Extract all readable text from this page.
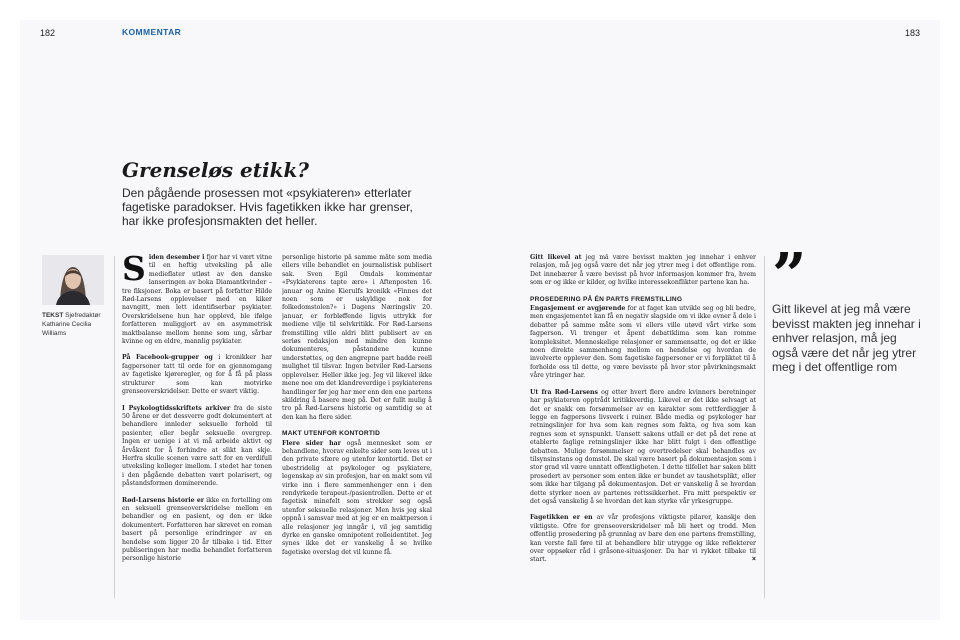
182	183
KOMMENTAR
Grenseløs etikk?

Den pågående prosessen mot «psykiateren» etterlater fagetiske paradokser. Hvis fagetikken ikke har grenser, har ikke profesjonsmakten det heller.

TEKST Sjefredaktør
Katharine Cecilia Williams

Siden desember i fjor har vi vært vitne til en heftig utveksling på alle medieflater utløst av den danske lanseringen av boka Diamantkvinder – tre fiksjoner. Boka er basert på forfatter Hilde Rød-Larsens opplevelser med en kiker navngitt, men lett identifiserbar psykiater. Overskridelsene hun har opplevd, ble ifølge forfatteren muliggjort av en asymmetrisk maktbalanse mellom henne som ung, sårbar kvinne og en eldre, mannlig psykiater.

På Facebook-grupper og i kronikker har fagpersoner tatt til orde for en gjennomgang av fagetiske kjøreregler, og for å få på plass strukturer som kan motvirke grenseoverskridelser. Dette er svært viktig.

I Psykologtidsskriftets arkiver fra de siste 50 årene er det dessverre godt dokumentert at behandlere innleder seksuelle forhold til pasienter, eller begår seksuelle overgrep. Ingen er uenige i at vi må arbeide aktivt og årvåkent for å forhindre at slikt kan skje. Herfra skulle scenen være satt for en verdifull utveksling kolleger imellom. I stedet har tonen i den pågående debatten vært polarisert, og påstandsformen dominerende.

Rød-Larsens historie er ikke en fortelling om en seksuell grenseoverskridelse mellom en behandler og en pasient, og den er ikke dokumentert. Forfatteren har skrevet en roman basert på personlige erindringer av en hendelse som ligger 20 år tilbake i tid. Etter publiseringen har media behandlet forfatteren personlige historie

personlige historie på samme måte som media ellers ville behandlet en journalistisk publisert sak. Sven Egil Omdals kommentar «Psykiaterens tapte ære» i Aftenposten 16. januar og Anine Kierulfs kronikk «Finnes det noen som er uskyldige nok for folkedomstolen?» i Dagens Næringsliv 20. januar, er forbløffende ligvis uttrykk for mediene vilje til selvkritikk. For Rød-Larsens fremstilling ville aldri blitt publisert av en seriøs redaksjon med mindre den kunne dokumenteres, påstandene kunne understøttes, og den angrepne part hadde reell mulighet til tilsvar. Ingen betviler Rød-Larsens opplevelser. Heller ikke jeg. Jeg vil likevel ikke mene noe om det klandreverdige i psykiaterens handlinger før jeg har mer enn den ene partens skildring å basere meg på. Det er fullt mulig å tro på Rød-Larsens historie og samtidig se at den kan ha flere sider.

MAKT UTENFOR KONTORTID

Flere sider har også mennesket som er behandlene, hvorav enkelte sider som leves ut i den private sfære og utenfor kontortid. Det er ubestridelig at psykologer og psykiatere, legenskap av sin profesjon, har en makt som vil virke inn i flere sammenhenger enn i den rendyrkede terapeut-/pasientrollen. Dette er et fagetisk minefelt som strekker seg også utenfor seksuelle relasjoner. Men hvis jeg skal oppnå i samsvar med at jeg er en maktperson i alle relasjoner jeg inngår i, vil jeg samtidig dyrke en ganske omnipotent rolleidentitet. Jeg synes ikke det er vanskelig å se hvilke fagetiske overslag det vil kunne få.

Gitt likevel at jeg må være bevisst makten jeg innehar i enhver relasjon, må jeg også være det når jeg ytrer meg i det offentlige rom. Det innebærer å være bevisst på hvor informasjon kommer fra, hvem som er og ikke er kilder, og hvilke interessekonflikter partene kan ha.

PROSEDERING PÅ ÉN PARTS FREMSTILLING

Engasjement er avgjørende for at faget kan utvikle seg og bli bedre, men engasjementet kan få en negativ slagside om vi ikke evner å dele i debatter på samme måte som vi ellers ville utøvd vårt virke som fagperson. Vi trenger et åpent debattklima som kan romme kompleksitet. Menneskelige relasjoner er sammensatte, og det er ikke noen direkte sammenheng mellom en hendelse og hvordan de involverte opplever den. Som fagetiske fagpersoner er vi forpliktet til å forholde oss til dette, og være bevisste på hvor stor påvirkningsmakt våre ytringer har.

Ut fra Rød-Larsens og etter hvert flere andre kvinners beretninger har psykiateren opptrådt kritikkverdig. Likevel er det ikke selvsagt at det er snakk om forsømmelser av en karakter som rettferdiggjør å legge en fagpersons livsverk i ruiner. Både media og psykologer har retningslinjer for hva som kan regnes som fakta, og hva som kan regnes som et synspunkt. Uansett sakens utfall er det på det rene at etablerte faglige retningslinjer ikke har blitt fulgt i den offentlige debatten. Mulige forsømmelser og overtredelser skal behandles av tilsynsinstans og domstol. De skal være basert på dokumentasjon som i stor grad vil være unntatt offentligheten. I dette tilfellet har saken blitt prosedert av personer som enten ikke er bundet av taushetsplikt, eller som ikke har tilgang på dokumentasjon. Det er vanskelig å se hvordan dette styrker noen av partenes rettssikkerhet. Fra mitt perspektiv er det også vanskelig å se hvordan det kan styrke vår yrkesgruppe.

Fagetikken er en av vår profesjons viktigste pilarer, kanskje den viktigste. Ofre for grenseoverskridelser må bli hørt og trodd. Men offentlig prosedering på grunnlag av bare den ene partens fremstilling, kan verste fall føre til at behandlere blir utrygge og ikke reflekterer over oppsøker råd i gråsone-situasjoner. Da har vi rykket tilbake til start.	×

”

Gitt likevel at jeg må være bevisst makten jeg innehar i enhver relasjon, må jeg også være det når jeg ytrer meg i det offentlige rom
